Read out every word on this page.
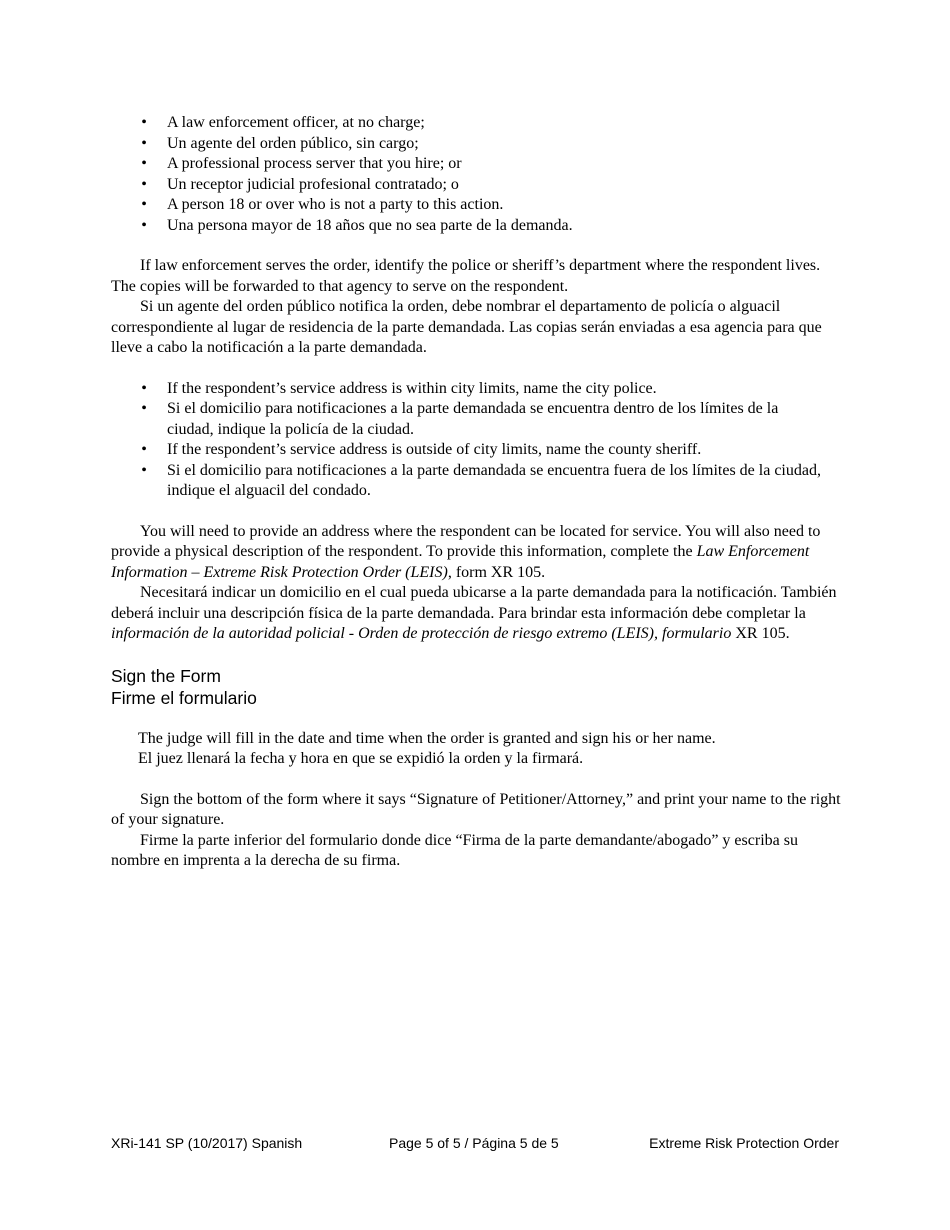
• A law enforcement officer, at no charge;
• Un agente del orden público, sin cargo;
• A professional process server that you hire; or
• Un receptor judicial profesional contratado; o
• A person 18 or over who is not a party to this action.
• Una persona mayor de 18 años que no sea parte de la demanda.

If law enforcement serves the order, identify the police or sheriff’s department where the respondent lives. The copies will be forwarded to that agency to serve on the respondent.

Si un agente del orden público notifica la orden, debe nombrar el departamento de policía o alguacil correspondiente al lugar de residencia de la parte demandada. Las copias serán enviadas a esa agencia para que lleve a cabo la notificación a la parte demandada.

• If the respondent’s service address is within city limits, name the city police.
• Si el domicilio para notificaciones a la parte demandada se encuentra dentro de los límites de la ciudad, indique la policía de la ciudad.
• If the respondent’s service address is outside of city limits, name the county sheriff.
• Si el domicilio para notificaciones a la parte demandada se encuentra fuera de los límites de la ciudad, indique el alguacil del condado.

You will need to provide an address where the respondent can be located for service. You will also need to provide a physical description of the respondent. To provide this information, complete the Law Enforcement Information – Extreme Risk Protection Order (LEIS), form XR 105.

Necesitará indicar un domicilio en el cual pueda ubicarse a la parte demandada para la notificación. También deberá incluir una descripción física de la parte demandada. Para brindar esta información debe completar la información de la autoridad policial - Orden de protección de riesgo extremo (LEIS), formulario XR 105.

Sign the Form
Firme el formulario
The judge will fill in the date and time when the order is granted and sign his or her name.
El juez llenará la fecha y hora en que se expidió la orden y la firmará.

Sign the bottom of the form where it says “Signature of Petitioner/Attorney,” and print your name to the right of your signature.

Firme la parte inferior del formulario donde dice “Firma de la parte demandante/abogado” y escriba su nombre en imprenta a la derecha de su firma.

XRi-141 SP (10/2017) Spanish	Page 5 of 5 / Página 5 de 5	Extreme Risk Protection Order
